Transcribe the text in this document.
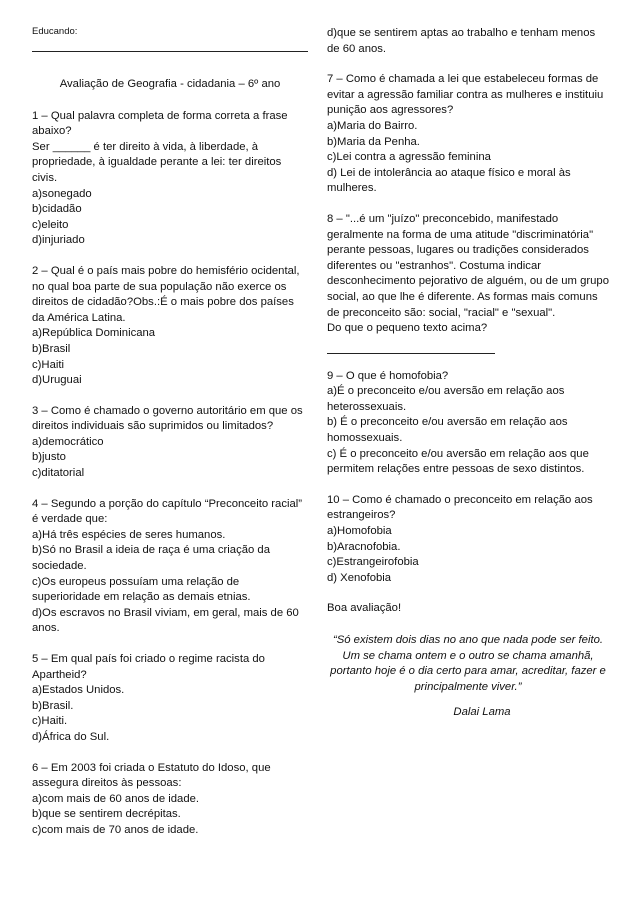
Educando:
Avaliação de Geografia - cidadania – 6º ano
1 – Qual palavra completa de forma correta a frase abaixo?
Ser ______ é ter direito à vida, à liberdade, à propriedade, à igualdade perante a lei: ter direitos civis.
a)sonegado
b)cidadão
c)eleito
d)injuriado
2 – Qual é o país mais pobre do hemisfério ocidental, no qual boa parte de sua população não exerce os direitos de cidadão?Obs.:É o mais pobre dos países da América Latina.
a)República Dominicana
b)Brasil
c)Haiti
d)Uruguai
3 – Como é chamado o governo autoritário em que os direitos individuais são suprimidos ou limitados?
a)democrático
b)justo
c)ditatorial
4 – Segundo a porção do capítulo “Preconceito racial” é verdade que:
a)Há três espécies de seres humanos.
b)Só no Brasil a ideia de raça é uma criação da sociedade.
c)Os europeus possuíam uma relação de superioridade em relação as demais etnias.
d)Os escravos no Brasil viviam, em geral, mais de 60 anos.
5 – Em qual país foi criado o regime racista do Apartheid?
a)Estados Unidos.
b)Brasil.
c)Haiti.
d)África do Sul.
6 – Em 2003 foi criada o Estatuto do Idoso, que assegura direitos às pessoas:
a)com mais de 60 anos de idade.
b)que se sentirem decrépitas.
c)com mais de 70 anos de idade.
d)que se sentirem aptas ao trabalho e tenham menos de 60 anos.
7 – Como é chamada a lei que estabeleceu formas de evitar a agressão familiar contra as mulheres e instituiu punição aos agressores?
a)Maria do Bairro.
b)Maria da Penha.
c)Lei contra a agressão feminina
d) Lei de intolerância ao ataque físico e moral às mulheres.
8 – "...é um "juízo" preconcebido, manifestado geralmente na forma de uma atitude "discriminatória" perante pessoas, lugares ou tradições considerados diferentes ou "estranhos". Costuma indicar desconhecimento pejorativo de alguém, ou de um grupo social, ao que lhe é diferente. As formas mais comuns de preconceito são: social, "racial" e "sexual".
Do que o pequeno texto acima?
9 – O que é homofobia?
a)É o preconceito e/ou aversão em relação aos heterossexuais.
b) É o preconceito e/ou aversão em relação aos homossexuais.
c) É o preconceito e/ou aversão em relação aos que permitem relações entre pessoas de sexo distintos.
10 – Como é chamado o preconceito em relação aos estrangeiros?
a)Homofobia
b)Aracnofobia.
c)Estrangeirofobia
d) Xenofobia
Boa avaliação!
“Só existem dois dias no ano que nada pode ser feito. Um se chama ontem e o outro se chama amanhã, portanto hoje é o dia certo para amar, acreditar, fazer e principalmente viver.”
Dalai Lama
